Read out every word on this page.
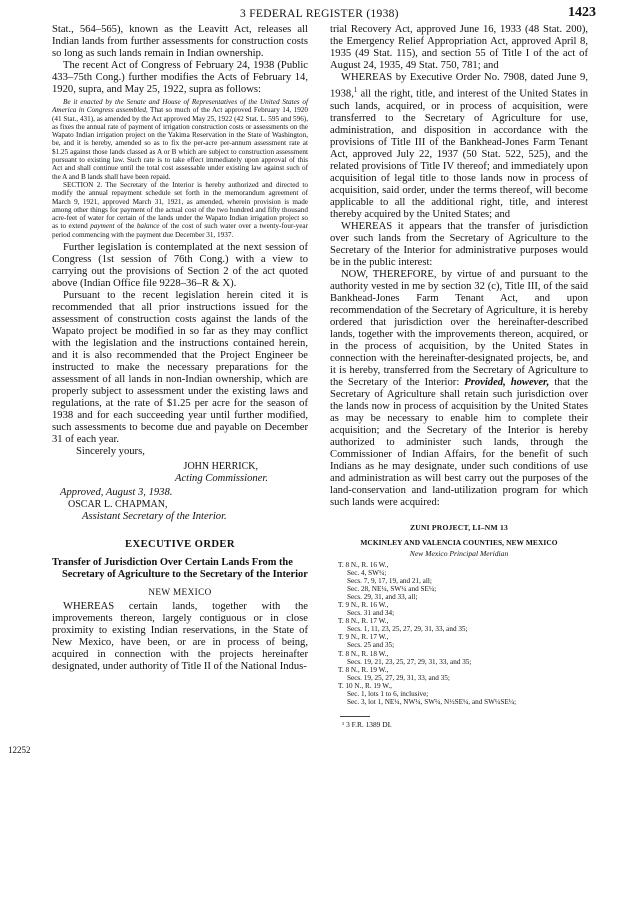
3 FEDERAL REGISTER (1938)	1423

Stat., 564–565), known as the Leavitt Act, releases all Indian lands from further assessments for construction costs so long as such lands remain in Indian ownership.

The recent Act of Congress of February 24, 1938 (Public 433–75th Cong.) further modifies the Acts of February 14, 1920, supra, and May 25, 1922, supra as follows:

Be it enacted by the Senate and House of Representatives of the United States of America in Congress assembled, That so much of the Act approved February 14, 1920 (41 Stat., 431), as amended by the Act approved May 25, 1922 (42 Stat. L. 595 and 596), as fixes the annual rate of payment of irrigation construction costs or assessments on the Wapato Indian irrigation project on the Yakima Reservation in the State of Washington, be, and it is hereby, amended so as to fix the per-acre per-annum assessment rate at $1.25 against those lands classed as A or B which are subject to construction assessment pursuant to existing law. Such rate is to take effect immediately upon approval of this Act and shall continue until the total cost assessable under existing law against such of the A and B lands shall have been repaid.

SECTION 2. The Secretary of the Interior is hereby authorized and directed to modify the annual repayment schedule set forth in the memorandum agreement of March 9, 1921, approved March 31, 1921, as amended, wherein provision is made among other things for payment of the actual cost of the two hundred and fifty thousand acre-feet of water for certain of the lands under the Wapato Indian irrigation project so as to extend payment of the balance of the cost of such water over a twenty-four-year period commencing with the payment due December 31, 1937.

Further legislation is contemplated at the next session of Congress (1st session of 76th Cong.) with a view to carrying out the provisions of Section 2 of the act quoted above (Indian Office file 9228–36–R & X).

Pursuant to the recent legislation herein cited it is recommended that all prior instructions issued for the assessment of construction costs against the lands of the Wapato project be modified in so far as they may conflict with the legislation and the instructions contained herein, and it is also recommended that the Project Engineer be instructed to make the necessary preparations for the assessment of all lands in non-Indian ownership, which are properly subject to assessment under the existing laws and regulations, at the rate of $1.25 per acre for the season of 1938 and for each succeeding year until further modified, such assessments to become due and payable on December 31 of each year.

Sincerely yours,

JOHN HERRICK,

Acting Commissioner.

Approved, August 3, 1938.

OSCAR L. CHAPMAN,

Assistant Secretary of the Interior.

EXECUTIVE ORDER

Transfer of Jurisdiction Over Certain Lands From the Secretary of Agriculture to the Secretary of the Interior

NEW MEXICO

WHEREAS certain lands, together with the improvements thereon, largely contiguous or in close proximity to existing Indian reservations, in the State of New Mexico, have been, or are in process of being, acquired in connection with the projects hereinafter designated, under authority of Title II of the National Indus-

12252

trial Recovery Act, approved June 16, 1933 (48 Stat. 200), the Emergency Relief Appropriation Act, approved April 8, 1935 (49 Stat. 115), and section 55 of Title I of the act of August 24, 1935, 49 Stat. 750, 781; and

WHEREAS by Executive Order No. 7908, dated June 9, 1938,$^1$ all the right, title, and interest of the United States in such lands, acquired, or in process of acquisition, were transferred to the Secretary of Agriculture for use, administration, and disposition in accordance with the provisions of Title III of the Bankhead-Jones Farm Tenant Act, approved July 22, 1937 (50 Stat. 522, 525), and the related provisions of Title IV thereof; and immediately upon acquisition of legal title to those lands now in process of acquisition, said order, under the terms thereof, will become applicable to all the additional right, title, and interest thereby acquired by the United States; and

WHEREAS it appears that the transfer of jurisdiction over such lands from the Secretary of Agriculture to the Secretary of the Interior for administrative purposes would be in the public interest:

NOW, THEREFORE, by virtue of and pursuant to the authority vested in me by section 32 (c), Title III, of the said Bankhead-Jones Farm Tenant Act, and upon recommendation of the Secretary of Agriculture, it is hereby ordered that jurisdiction over the hereinafter-described lands, together with the improvements thereon, acquired, or in the process of acquisition, by the United States in connection with the hereinafter-designated projects, be, and it is hereby, transferred from the Secretary of Agriculture to the Secretary of the Interior: Provided, however, that the Secretary of Agriculture shall retain such jurisdiction over the lands now in process of acquisition by the United States as may be necessary to enable him to complete their acquisition; and the Secretary of the Interior is hereby authorized to administer such lands, through the Commissioner of Indian Affairs, for the benefit of such Indians as he may designate, under such conditions of use and administration as will best carry out the purposes of the land-conservation and land-utilization program for which such lands were acquired:

ZUNI PROJECT, LI–NM 13

MCKINLEY AND VALENCIA COUNTIES, NEW MEXICO

New Mexico Principal Meridian

T. 8 N., R. 16 W.,
Sec. 4, SW¼;
Secs. 7, 9, 17, 19, and 21, all;
Sec. 28, NE¼, SW¼ and SE¼;
Secs. 29, 31, and 33, all;
T. 9 N., R. 16 W.,
Secs. 31 and 34;
T. 8 N., R. 17 W.,
Secs. 1, 11, 23, 25, 27, 29, 31, 33, and 35;
T. 9 N., R. 17 W.,
Secs. 25 and 35;
T. 8 N., R. 18 W.,
Secs. 19, 21, 23, 25, 27, 29, 31, 33, and 35;
T. 8 N., R. 19 W.,
Secs. 19, 25, 27, 29, 31, 33, and 35;
T. 10 N., R. 19 W.,
Sec. 1, lots 1 to 6, inclusive;
Sec. 3, lot 1, NE¼, NW¼, SW¼, N½SE¼, and SW¼SE¼;

¹ 3 F.R. 1389 DI.
